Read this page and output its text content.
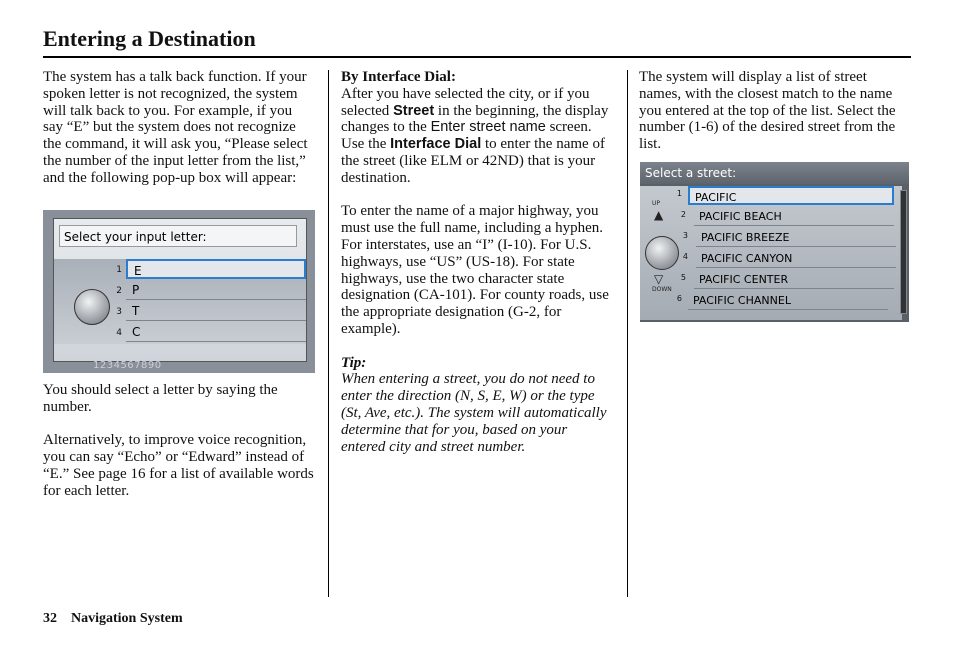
Entering a Destination

The system has a talk back function. If your spoken letter is not recognized, the system will talk back to you. For example, if you say “E” but the system does not recognize the command, it will ask you, “Please select the number of the input letter from the list,” and the following pop-up box will appear:

Select your input letter:
1	E
2 P
3 T
4 C
1234567890

You should select a letter by saying the number.

Alternatively, to improve voice recognition, you can say “Echo” or “Edward” instead of “E.” See page 16 for a list of available words for each letter.

By Interface Dial:

After you have selected the city, or if you selected Street in the beginning, the display changes to the Enter street name screen. Use the Interface Dial to enter the name of the street (like ELM or 42ND) that is your destination.

To enter the name of a major highway, you must use the full name, including a hyphen. For interstates, use an “I” (I-10). For U.S. highways, use “US” (US-18). For state highways, use the two character state designation (CA-101). For county roads, use the appropriate designation (G-2, for example).

Tip:
When entering a street, you do not need to enter the direction (N, S, E, W) or the type (St, Ave, etc.). The system will automatically determine that for you, based on your entered city and street number.

The system will display a list of street names, with the closest match to the name you entered at the top of the list. Select the number (1-6) of the desired street from the list.

Select a street:
▲
UP
▽
DOWN
1	PACIFIC
2	PACIFIC BEACH
3	PACIFIC BREEZE
4	PACIFIC CANYON
5	PACIFIC CENTER
6	PACIFIC CHANNEL
32 Navigation System
